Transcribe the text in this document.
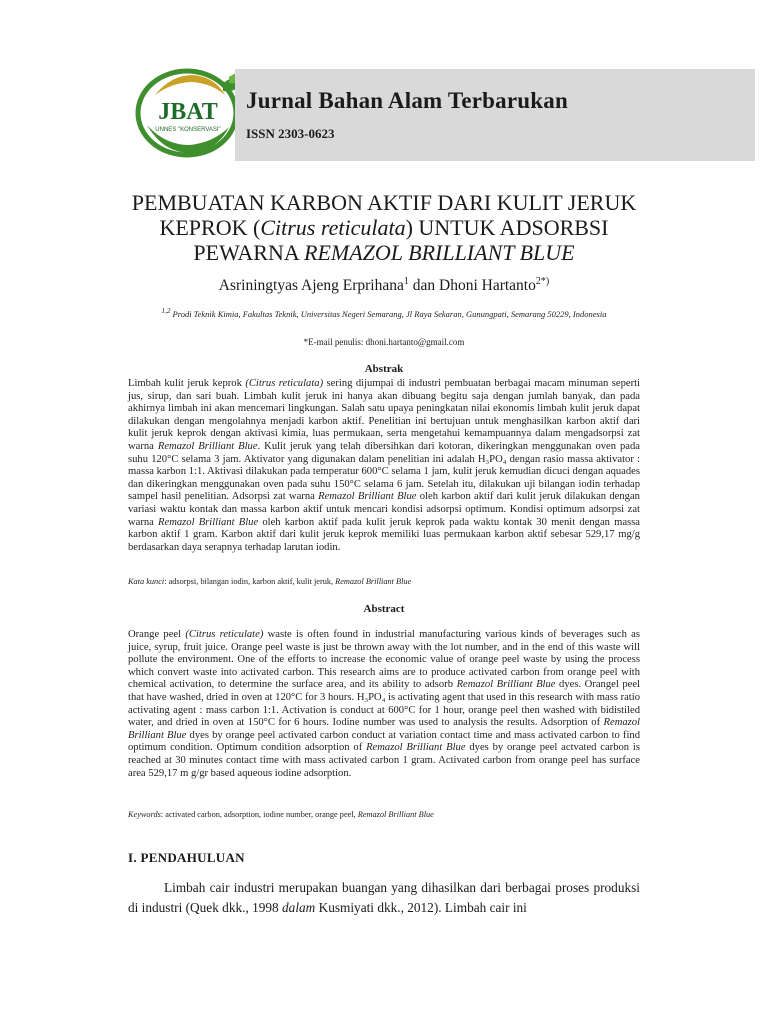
JBAT
UNNES "KONSERVASI"
Jurnal Bahan Alam Terbarukan
ISSN 2303-0623
PEMBUATAN KARBON AKTIF DARI KULIT JERUK
KEPROK (Citrus reticulata) UNTUK ADSORBSI
PEWARNA REMAZOL BRILLIANT BLUE
Asriningtyas Ajeng Erprihana$^1$ dan Dhoni Hartanto$^{2*)}$
$^{1,2}$ Prodi Teknik Kimia, Fakultas Teknik, Universitas Negeri Semarang, Jl Raya Sekaran, Gunungpati, Semarang 50229, Indonesia
*E-mail penulis: dhoni.hartanto@gmail.com
Abstrak

Limbah kulit jeruk keprok (Citrus reticulata) sering dijumpai di industri pembuatan berbagai macam minuman seperti jus, sirup, dan sari buah. Limbah kulit jeruk ini hanya akan dibuang begitu saja dengan jumlah banyak, dan pada akhirnya limbah ini akan mencemari lingkungan. Salah satu upaya peningkatan nilai ekonomis limbah kulit jeruk dapat dilakukan dengan mengolahnya menjadi karbon aktif. Penelitian ini bertujuan untuk menghasilkan karbon aktif dari kulit jeruk keprok dengan aktivasi kimia, luas permukaan, serta mengetahui kemampuannya dalam mengadsorpsi zat warna Remazol Brilliant Blue. Kulit jeruk yang telah dibersihkan dari kotoran, dikeringkan menggunakan oven pada suhu 120°C selama 3 jam. Aktivator yang digunakan dalam penelitian ini adalah H₃PO₄ dengan rasio massa aktivator : massa karbon 1:1. Aktivasi dilakukan pada temperatur 600°C selama 1 jam, kulit jeruk kemudian dicuci dengan aquades dan dikeringkan menggunakan oven pada suhu 150°C selama 6 jam. Setelah itu, dilakukan uji bilangan iodin terhadap sampel hasil penelitian. Adsorpsi zat warna Remazol Brilliant Blue oleh karbon aktif dari kulit jeruk dilakukan dengan variasi waktu kontak dan massa karbon aktif untuk mencari kondisi adsorpsi optimum. Kondisi optimum adsorpsi zat warna Remazol Brilliant Blue oleh karbon aktif pada kulit jeruk keprok pada waktu kontak 30 menit dengan massa karbon aktif 1 gram. Karbon aktif dari kulit jeruk keprok memiliki luas permukaan karbon aktif sebesar 529,17 mg/g berdasarkan daya serapnya terhadap larutan iodin.

Kata kunci: adsorpsi, bilangan iodin, karbon aktif, kulit jeruk, Remazol Brilliant Blue
Abstract

Orange peel (Citrus reticulate) waste is often found in industrial manufacturing various kinds of beverages such as juice, syrup, fruit juice. Orange peel waste is just be thrown away with the lot number, and in the end of this waste will pollute the environment. One of the efforts to increase the economic value of orange peel waste by using the process which convert waste into activated carbon. This research aims are to produce activated carbon from orange peel with chemical activation, to determine the surface area, and its ability to adsorb Remazol Brilliant Blue dyes. Orangel peel that have washed, dried in oven at 120°C for 3 hours. H₃PO₄ is activating agent that used in this research with mass ratio activating agent : mass carbon 1:1. Activation is conduct at 600°C for 1 hour, orange peel then washed with bidistiled water, and dried in oven at 150°C for 6 hours. Iodine number was used to analysis the results. Adsorption of Remazol Brilliant Blue dyes by orange peel activated carbon conduct at variation contact time and mass activated carbon to find optimum condition. Optimum condition adsorption of Remazol Brilliant Blue dyes by orange peel actvated carbon is reached at 30 minutes contact time with mass activated carbon 1 gram. Activated carbon from orange peel has surface area 529,17 m g/gr based aqueous iodine adsorption.

Keywords: activated carbon, adsorption, iodine number, orange peel, Remazol Brilliant Blue
I. PENDAHULUAN

Limbah cair industri merupakan buangan yang dihasilkan dari berbagai proses produksi di industri (Quek dkk., 1998 dalam Kusmiyati dkk., 2012). Limbah cair ini
